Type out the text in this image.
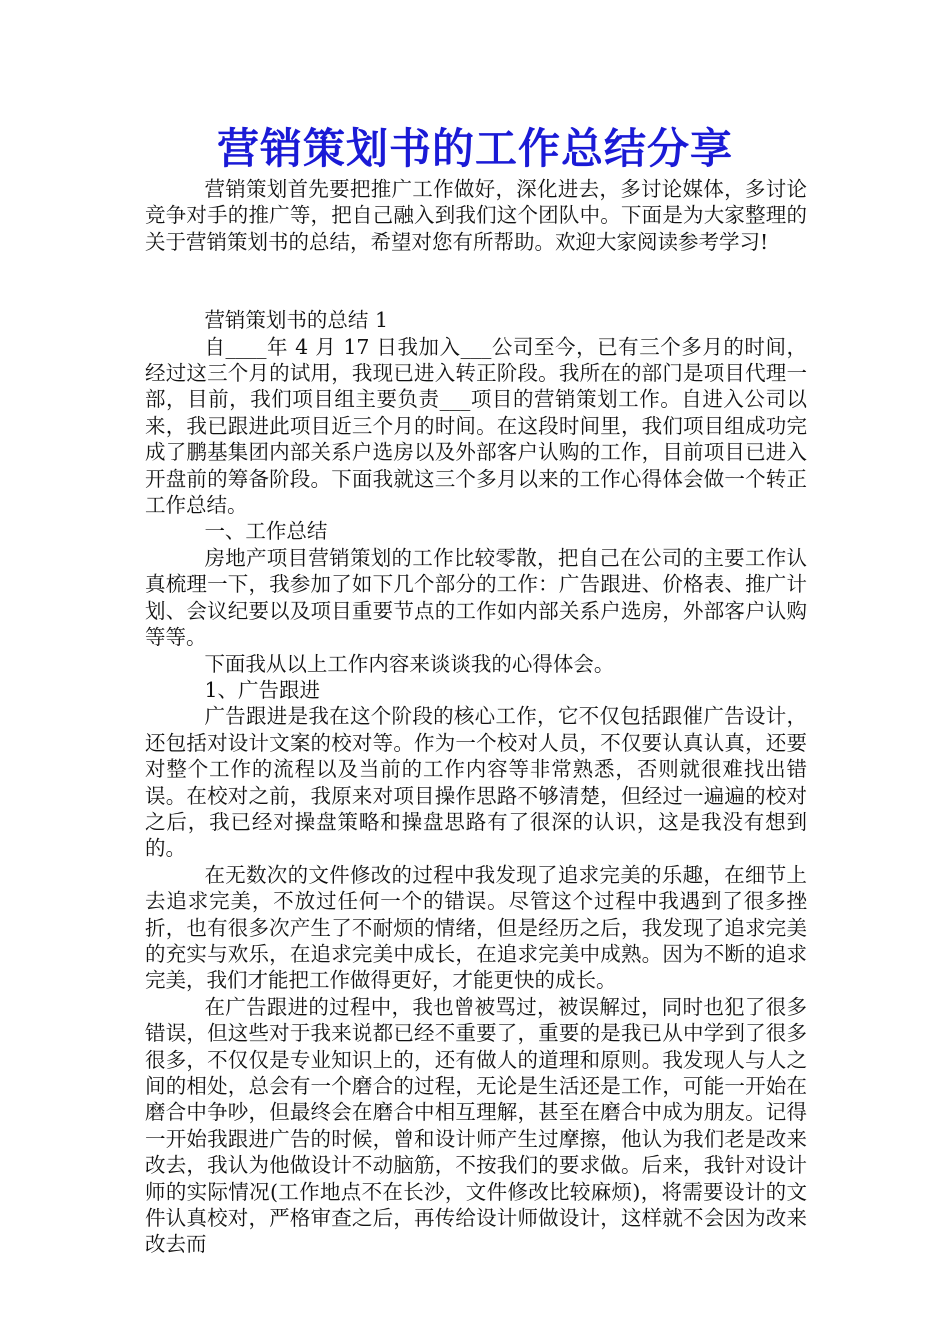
营销策划书的工作总结分享

营销策划首先要把推广工作做好，深化进去，多讨论媒体，多讨论竞争对手的推广等，把自己融入到我们这个团队中。下面是为大家整理的关于营销策划书的总结，希望对您有所帮助。欢迎大家阅读参考学习!

营销策划书的总结 1

自____年 4 月 17 日我加入___公司至今，已有三个多月的时间，经过这三个月的试用，我现已进入转正阶段。我所在的部门是项目代理一部，目前，我们项目组主要负责___项目的营销策划工作。自进入公司以来，我已跟进此项目近三个月的时间。在这段时间里，我们项目组成功完成了鹏基集团内部关系户选房以及外部客户认购的工作，目前项目已进入开盘前的筹备阶段。下面我就这三个多月以来的工作心得体会做一个转正工作总结。

一、工作总结

房地产项目营销策划的工作比较零散，把自己在公司的主要工作认真梳理一下，我参加了如下几个部分的工作：广告跟进、价格表、推广计划、会议纪要以及项目重要节点的工作如内部关系户选房，外部客户认购等等。

下面我从以上工作内容来谈谈我的心得体会。

1、广告跟进

广告跟进是我在这个阶段的核心工作，它不仅包括跟催广告设计，还包括对设计文案的校对等。作为一个校对人员，不仅要认真认真，还要对整个工作的流程以及当前的工作内容等非常熟悉，否则就很难找出错误。在校对之前，我原来对项目操作思路不够清楚，但经过一遍遍的校对之后，我已经对操盘策略和操盘思路有了很深的认识，这是我没有想到的。

在无数次的文件修改的过程中我发现了追求完美的乐趣，在细节上去追求完美，不放过任何一个的错误。尽管这个过程中我遇到了很多挫折，也有很多次产生了不耐烦的情绪，但是经历之后，我发现了追求完美的充实与欢乐，在追求完美中成长，在追求完美中成熟。因为不断的追求完美，我们才能把工作做得更好，才能更快的成长。

在广告跟进的过程中，我也曾被骂过，被误解过，同时也犯了很多错误，但这些对于我来说都已经不重要了，重要的是我已从中学到了很多很多，不仅仅是专业知识上的，还有做人的道理和原则。我发现人与人之间的相处，总会有一个磨合的过程，无论是生活还是工作，可能一开始在磨合中争吵，但最终会在磨合中相互理解，甚至在磨合中成为朋友。记得一开始我跟进广告的时候，曾和设计师产生过摩擦，他认为我们老是改来改去，我认为他做设计不动脑筋，不按我们的要求做。后来，我针对设计师的实际情况(工作地点不在长沙，文件修改比较麻烦)，将需要设计的文件认真校对，严格审查之后，再传给设计师做设计，这样就不会因为改来改去而
